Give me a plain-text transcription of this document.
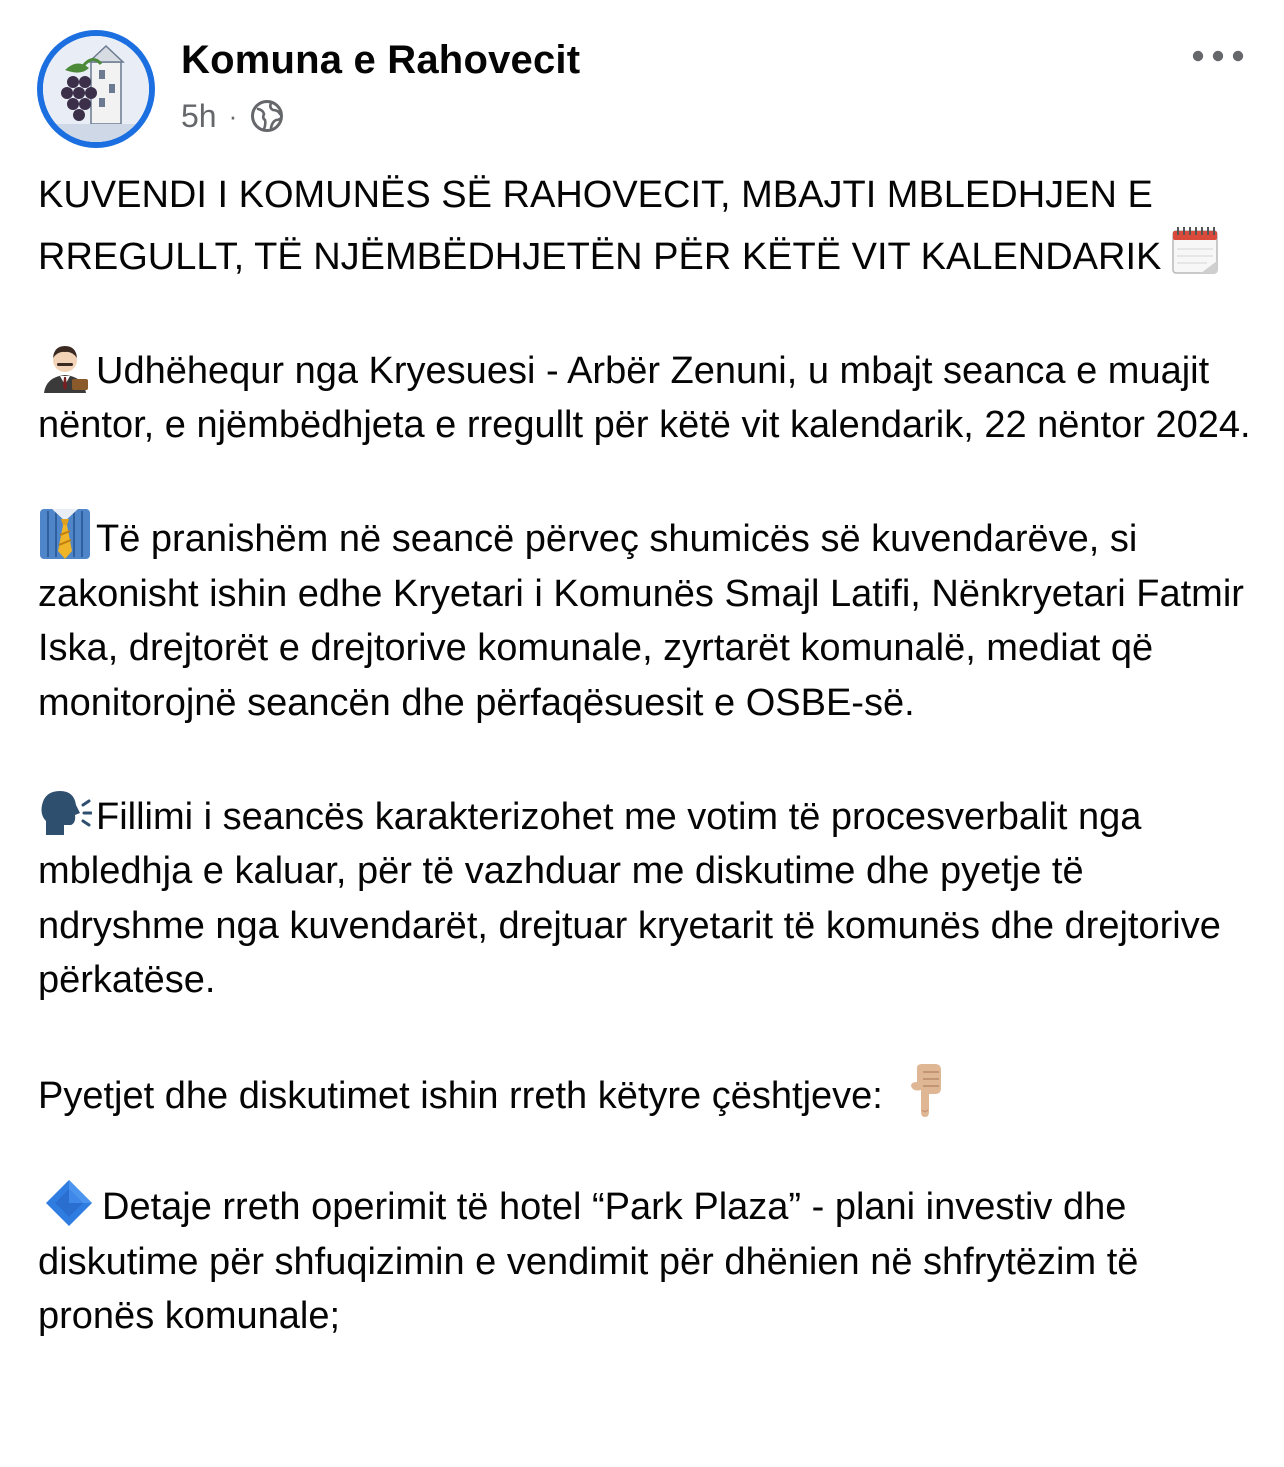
Komuna e Rahovecit
5h ·

KUVENDI I KOMUNËS SË RAHOVECIT, MBAJTI MBLEDHJEN E RREGULLT, TË NJËMBËDHJETËN PËR KËTË VIT KALENDARIK

Udhëhequr nga Kryesuesi - Arbër Zenuni, u mbajt seanca e muajit nëntor, e njëmbëdhjeta e rregullt për këtë vit kalendarik, 22 nëntor 2024.

Të pranishëm në seancë përveç shumicës së kuvendarëve, si zakonisht ishin edhe Kryetari i Komunës Smajl Latifi, Nënkryetari Fatmir Iska, drejtorët e drejtorive komunale, zyrtarët komunalë, mediat që monitorojnë seancën dhe përfaqësuesit e OSBE-së.

Fillimi i seancës karakterizohet me votim të procesverbalit nga mbledhja e kaluar, për të vazhduar me diskutime dhe pyetje të ndryshme nga kuvendarët, drejtuar kryetarit të komunës dhe drejtorive përkatëse.

Pyetjet dhe diskutimet ishin rreth këtyre çështjeve:

Detaje rreth operimit të hotel “Park Plaza” - plani investiv dhe diskutime për shfuqizimin e vendimit për dhënien në shfrytëzim të pronës komunale;
